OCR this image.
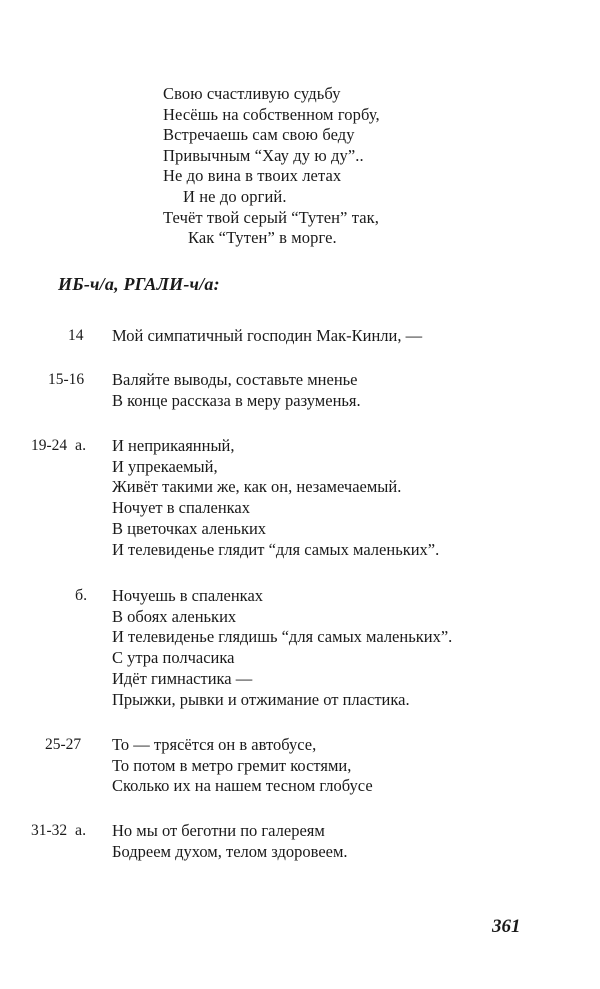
Свою счастливую судьбу
Несёшь на собственном горбу,
Встречаешь сам свою беду
Привычным “Хау ду ю ду”..
Не до вина в твоих летах
И не до оргий.
Течёт твой серый “Тутен” так,
Как “Тутен” в морге.
ИБ-ч/а, РГАЛИ-ч/а:
14 Мой симпатичный господин Мак-Кинли, —
15-16 Валяйте выводы, составьте мненье
В конце рассказа в меру разуменья.
19-24 а. И неприкаянный,
И упрекаемый,
Живёт такими же, как он, незамечаемый.
Ночует в спаленках
В цветочках аленьких
И телевиденье глядит “для самых маленьких”.
б. Ночуешь в спаленках
В обоях аленьких
И телевиденье глядишь “для самых маленьких”.
С утра полчасика
Идёт гимнастика —
Прыжки, рывки и отжимание от пластика.
25-27 То — трясётся он в автобусе,
То потом в метро гремит костями,
Сколько их на нашем тесном глобусе
31-32 а. Но мы от беготни по галереям
Бодреем духом, телом здоровеем.
361
